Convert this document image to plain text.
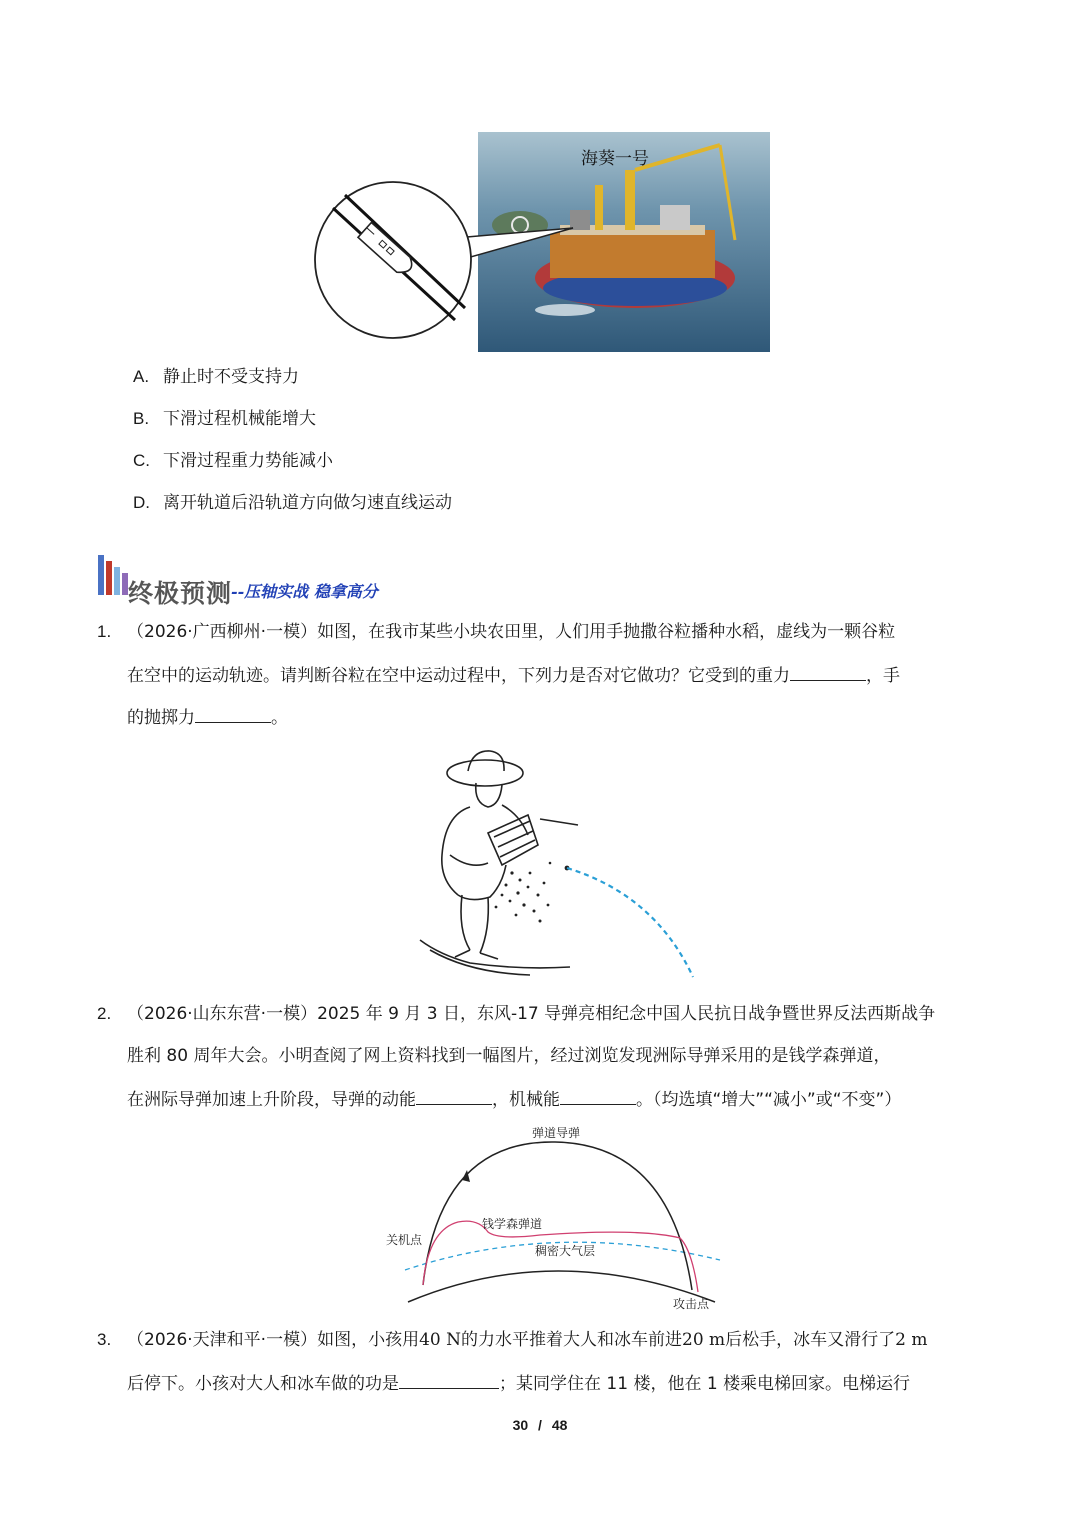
海葵一号
A. 静止时不受支持力
B. 下滑过程机械能增大
C. 下滑过程重力势能减小
D. 离开轨道后沿轨道方向做匀速直线运动
终极预测
--压轴实战 稳拿高分
1. （2026·广西柳州·一模）如图，在我市某些小块农田里，人们用手抛撒谷粒播种水稻，虚线为一颗谷粒
在空中的运动轨迹。请判断谷粒在空中运动过程中，下列力是否对它做功？它受到的重力	，手
的抛掷力	。
2. （2026·山东东营·一模）2025 年 9 月 3 日，东风-17 导弹亮相纪念中国人民抗日战争暨世界反法西斯战争
胜利 80 周年大会。小明查阅了网上资料找到一幅图片，经过浏览发现洲际导弹采用的是钱学森弹道，
在洲际导弹加速上升阶段，导弹的动能	，机械能	。（均选填“增大”“减小”或“不变”）
弹道导弹
关机点
钱学森弹道
稠密大气层
攻击点
3. （2026·天津和平·一模）如图，小孩用40 N的力水平推着大人和冰车前进20 m后松手，冰车又滑行了2 m
后停下。小孩对大人和冰车做的功是	；某同学住在 11 楼，他在 1 楼乘电梯回家。电梯运行
30 / 48
